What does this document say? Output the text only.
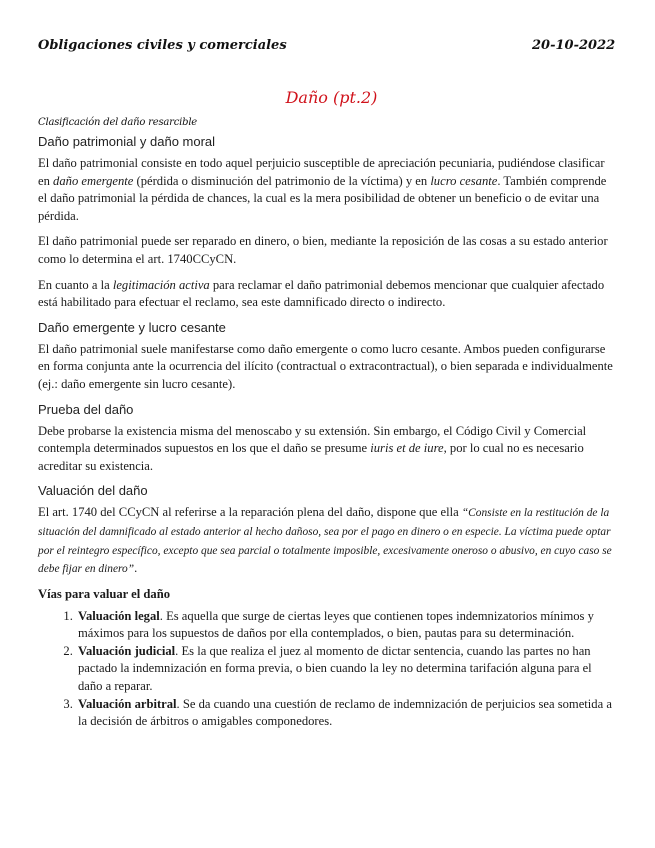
Obligaciones civiles y comerciales	20-10-2022
Daño (pt.2)
Clasificación del daño resarcible
Daño patrimonial y daño moral

El daño patrimonial consiste en todo aquel perjuicio susceptible de apreciación pecuniaria, pudiéndose clasificar en daño emergente (pérdida o disminución del patrimonio de la víctima) y en lucro cesante. También comprende el daño patrimonial la pérdida de chances, la cual es la mera posibilidad de obtener un beneficio o de evitar una pérdida.

El daño patrimonial puede ser reparado en dinero, o bien, mediante la reposición de las cosas a su estado anterior como lo determina el art. 1740CCyCN.

En cuanto a la legitimación activa para reclamar el daño patrimonial debemos mencionar que cualquier afectado está habilitado para efectuar el reclamo, sea este damnificado directo o indirecto.

Daño emergente y lucro cesante

El daño patrimonial suele manifestarse como daño emergente o como lucro cesante. Ambos pueden configurarse en forma conjunta ante la ocurrencia del ilícito (contractual o extracontractual), o bien separada e individualmente (ej.: daño emergente sin lucro cesante).

Prueba del daño

Debe probarse la existencia misma del menoscabo y su extensión. Sin embargo, el Código Civil y Comercial contempla determinados supuestos en los que el daño se presume iuris et de iure, por lo cual no es necesario acreditar su existencia.

Valuación del daño

El art. 1740 del CCyCN al referirse a la reparación plena del daño, dispone que ella “Consiste en la restitución de la situación del damnificado al estado anterior al hecho dañoso, sea por el pago en dinero o en especie. La víctima puede optar por el reintegro específico, excepto que sea parcial o totalmente imposible, excesivamente oneroso o abusivo, en cuyo caso se debe fijar en dinero”.

Vías para valuar el daño
1. Valuación legal. Es aquella que surge de ciertas leyes que contienen topes indemnizatorios mínimos y máximos para los supuestos de daños por ella contemplados, o bien, pautas para su determinación.
2. Valuación judicial. Es la que realiza el juez al momento de dictar sentencia, cuando las partes no han pactado la indemnización en forma previa, o bien cuando la ley no determina tarifación alguna para el daño a reparar.
3. Valuación arbitral. Se da cuando una cuestión de reclamo de indemnización de perjuicios sea sometida a la decisión de árbitros o amigables componedores.
